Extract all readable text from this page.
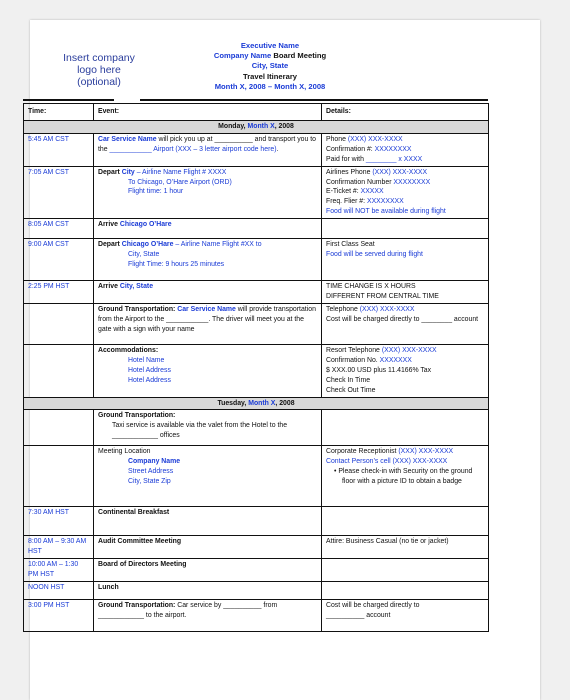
Insert company
logo here
(optional)
Executive Name
Company Name Board Meeting
City, State
Travel Itinerary
Month X, 2008 – Month X, 2008
Time:	Event:	Details:
Monday, Month X, 2008		
5:45 AM CST	Car Service Name will pick you up at __________ and transport you to the ___________ Airport (XXX – 3 letter airport code here).	Phone (XXX) XXX-XXXX
Confirmation #: XXXXXXXX
Paid for with ________ x XXXX

7:05 AM CST	Depart City – Airline Name Flight # XXXX
To Chicago, O’Hare Airport (ORD)
Flight time: 1 hour	Airlines Phone (XXX) XXX-XXXX
Confirmation Number XXXXXXXX
E-Ticket #: XXXXX
Freq. Flier #: XXXXXXXX
Food will NOT be available during flight

8:05 AM CST	Arrive Chicago O’Hare	

9:00 AM CST	Depart Chicago O’Hare – Airline Name Flight #XX to
City, State
Flight Time: 9 hours 25 minutes	First Class Seat
Food will be served during flight

2:25 PM HST	Arrive City, State	TIME CHANGE IS X HOURS
DIFFERENT FROM CENTRAL TIME

	Ground Transportation: Car Service Name will provide transportation from the Airport to the ___________. The driver will meet you at the gate with a sign with your name	Telephone (XXX) XXX-XXXX
Cost will be charged directly to ________ account

	Accommodations:
Hotel Name
Hotel Address
Hotel Address	Resort Telephone (XXX) XXX-XXXX
Confirmation No. XXXXXXX
$ XXX.00 USD plus 11.4166% Tax
Check In Time
Check Out Time

Tuesday, Month X, 2008		

	Ground Transportation:
Taxi service is available via the valet from the Hotel to the ____________ offices	

	Meeting Location
Company Name
Street Address
City, State Zip	Corporate Receptionist (XXX) XXX-XXXX
Contact Person’s cell (XXX) XXX-XXXX
• Please check-in with Security on the ground floor with a picture ID to obtain a badge

7:30 AM HST	Continental Breakfast	

8:00 AM – 9:30 AM HST	Audit Committee Meeting	Attire: Business Casual (no tie or jacket)

10:00 AM – 1:30 PM HST	Board of Directors Meeting	

NOON HST	Lunch	

3:00 PM HST	Ground Transportation: Car service by __________ from ____________ to the airport.	Cost will be charged directly to
__________ account
